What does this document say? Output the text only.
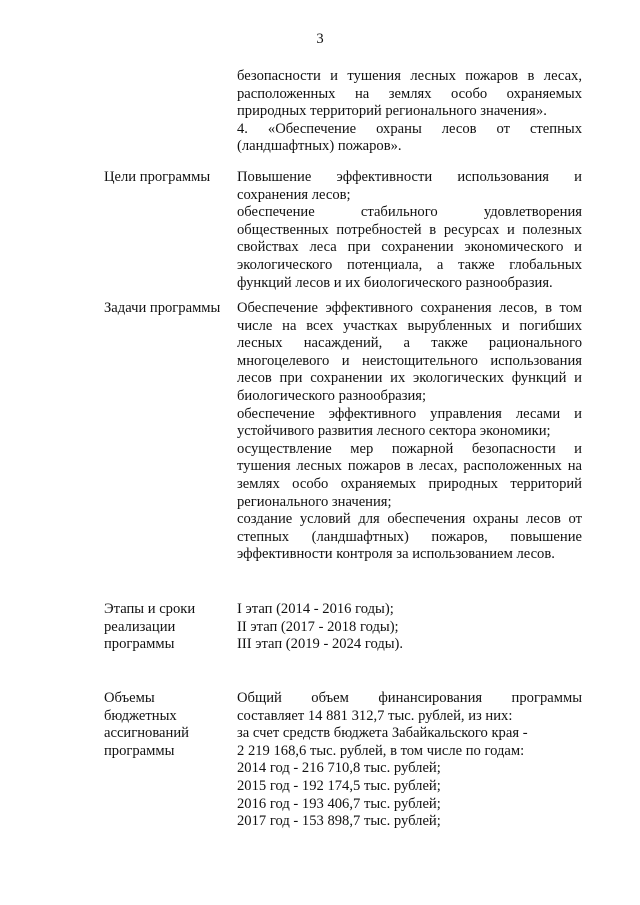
3
безопасности и тушения лесных пожаров в лесах,
расположенных на землях особо охраняемых
природных территорий регионального значения».
4. «Обеспечение охраны лесов от степных
(ландшафтных) пожаров».
Цели программы	Повышение эффективности использования и
сохранения лесов;
обеспечение стабильного удовлетворения
общественных потребностей в ресурсах и полезных
свойствах леса при сохранении экономического и
экологического потенциала, а также глобальных
функций лесов и их биологического разнообразия.
Задачи программы	Обеспечение эффективного сохранения лесов, в том
числе на всех участках вырубленных и погибших
лесных насаждений, а также рационального
многоцелевого и неистощительного использования
лесов при сохранении их экологических функций и
биологического разнообразия;
обеспечение эффективного управления лесами и
устойчивого развития лесного сектора экономики;
осуществление мер пожарной безопасности и
тушения лесных пожаров в лесах, расположенных на
землях особо охраняемых природных территорий
регионального значения;
создание условий для обеспечения охраны лесов от
степных (ландшафтных) пожаров, повышение
эффективности контроля за использованием лесов.
Этапы и сроки
реализации
программы
I этап (2014 - 2016 годы);
II этап (2017 - 2018 годы);
III этап (2019 - 2024 годы).
Объемы
бюджетных
ассигнований
программы
Общий объем финансирования программы
составляет 14 881 312,7 тыс. рублей, из них:
за счет средств бюджета Забайкальского края -
2 219 168,6 тыс. рублей, в том числе по годам:
2014 год - 216 710,8 тыс. рублей;
2015 год - 192 174,5 тыс. рублей;
2016 год - 193 406,7 тыс. рублей;
2017 год - 153 898,7 тыс. рублей;
